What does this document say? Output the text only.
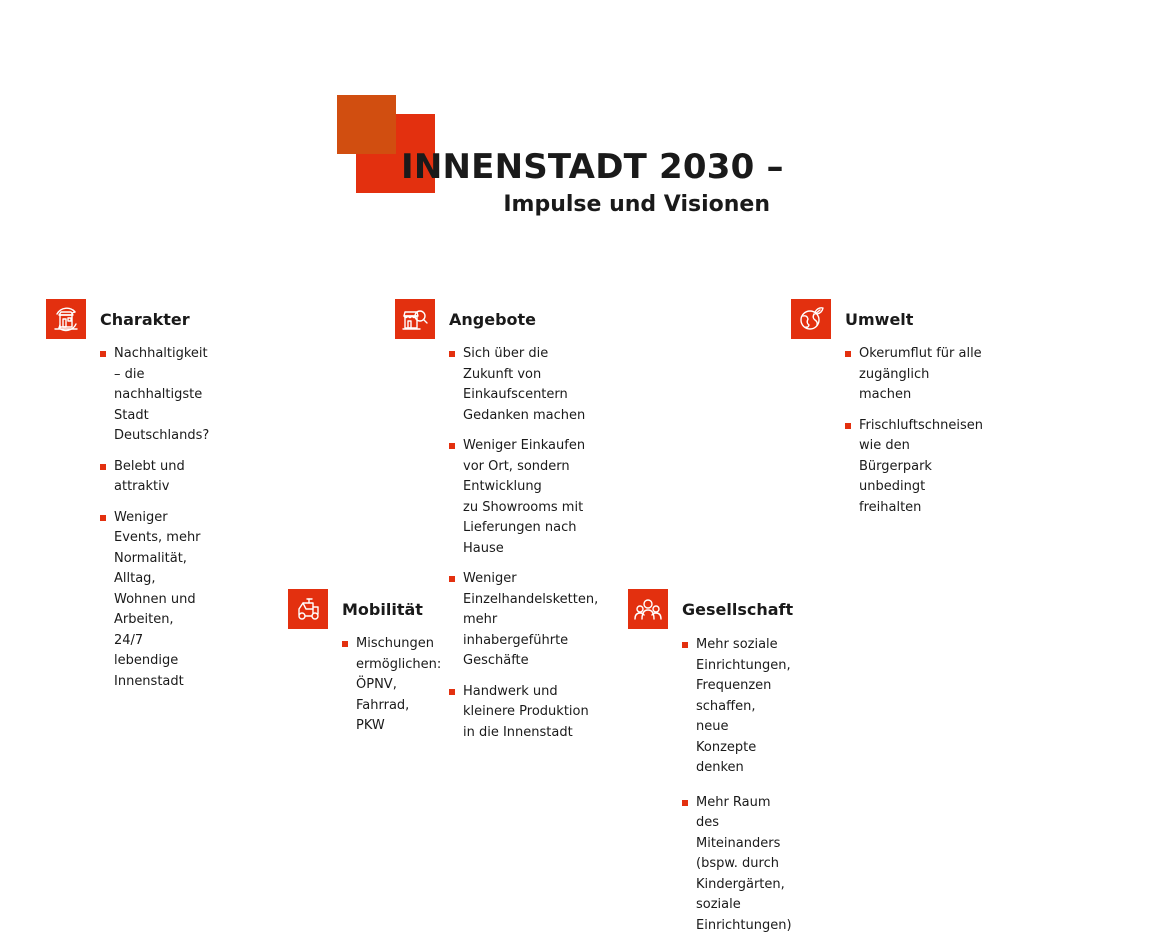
INNENSTADT 2030 –
Impulse und Visionen
Charakter
Nachhaltigkeit – die nachhaltigste
Stadt Deutschlands?
Belebt und attraktiv
Weniger Events, mehr Normalität,
Alltag, Wohnen und Arbeiten,
24/7 lebendige Innenstadt
Angebote
Sich über die Zukunft von
Einkaufscentern Gedanken machen
Weniger Einkaufen vor Ort, sondern Entwicklung
zu Showrooms mit Lieferungen nach Hause
Weniger Einzelhandelsketten,
mehr inhabergeführte Geschäfte
Handwerk und kleinere Produktion
in die Innenstadt
Umwelt
Okerumflut für alle zugänglich machen
Frischluftschneisen wie den
Bürgerpark unbedingt freihalten
Mobilität
Mischungen ermöglichen:
ÖPNV, Fahrrad, PKW
Gesellschaft
Mehr soziale Einrichtungen,
Frequenzen schaffen, neue Konzepte denken
Mehr Raum des Miteinanders
(bspw. durch Kindergärten, soziale Einrichtungen)
